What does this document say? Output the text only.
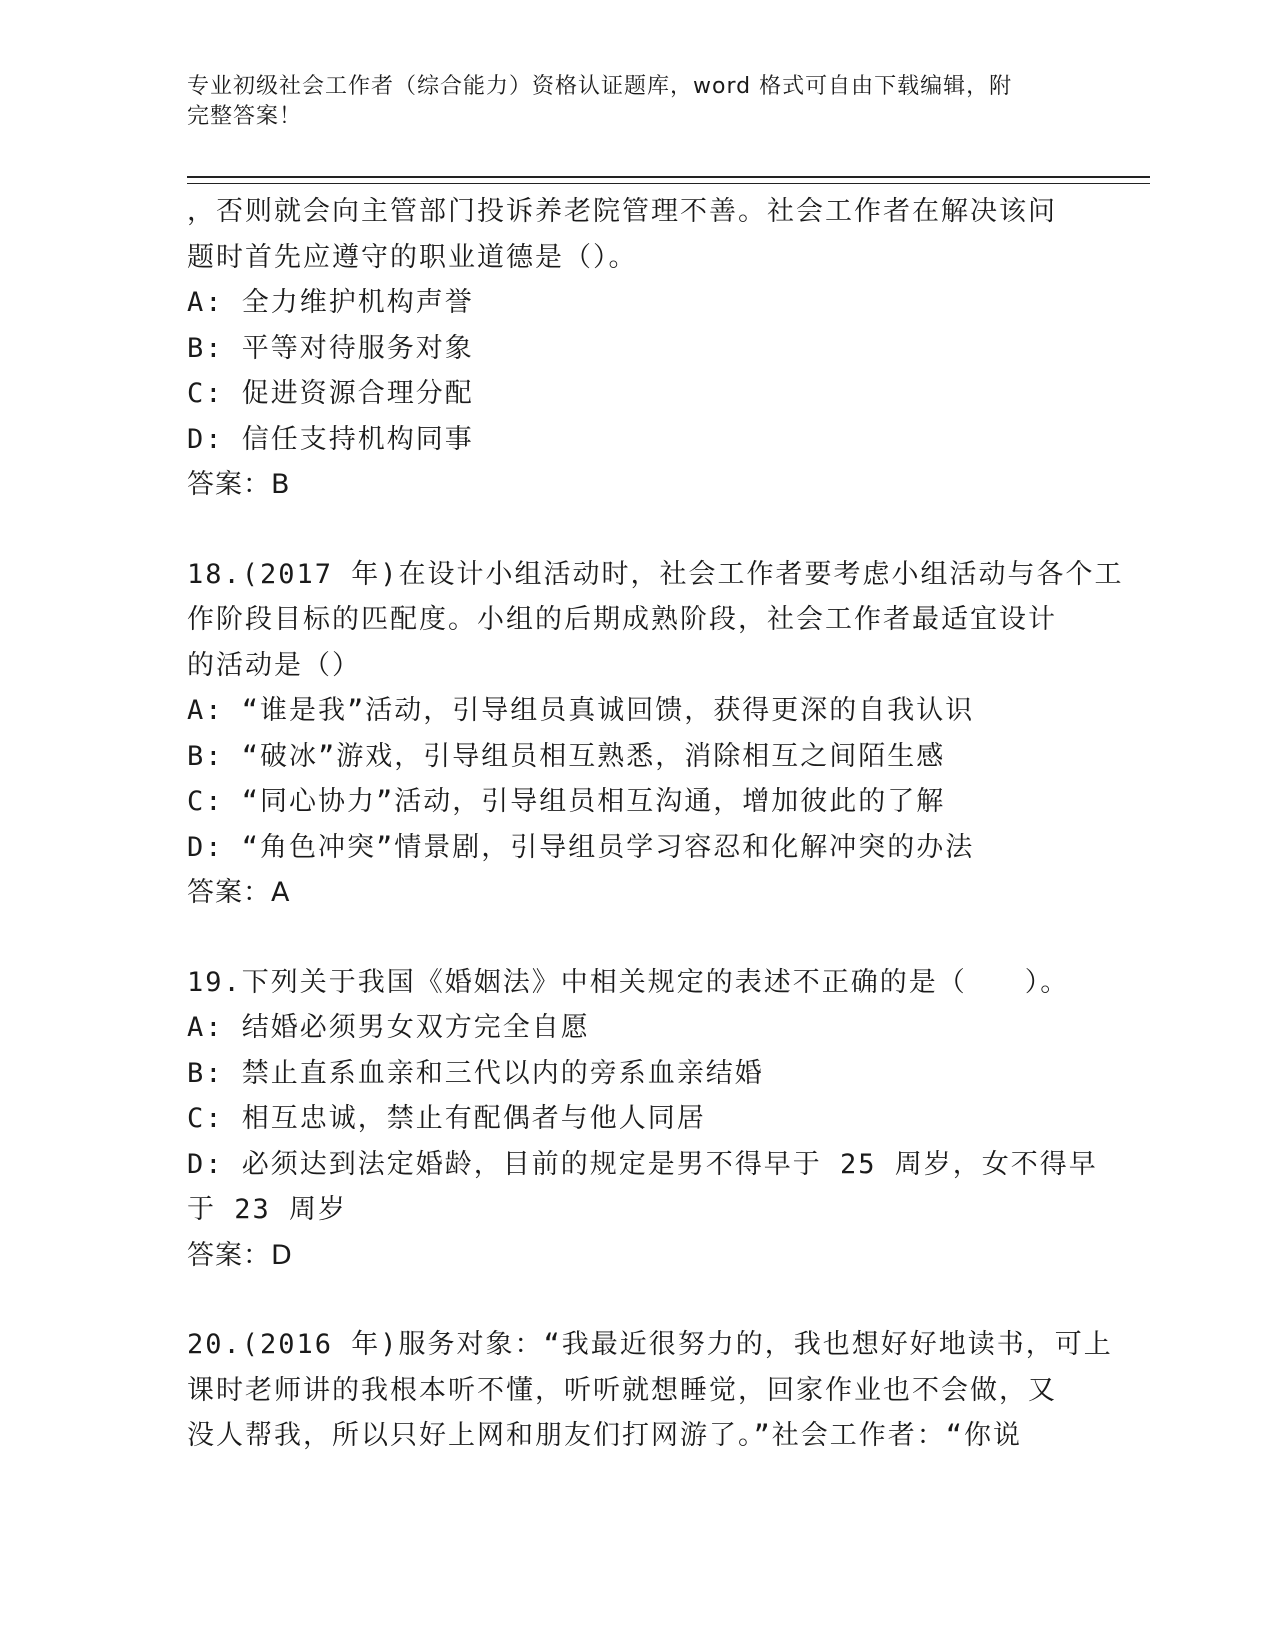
专业初级社会工作者（综合能力）资格认证题库，word 格式可自由下载编辑，附
完整答案！
，否则就会向主管部门投诉养老院管理不善。社会工作者在解决该问
题时首先应遵守的职业道德是（）。
A: 全力维护机构声誉
B: 平等对待服务对象
C: 促进资源合理分配
D: 信任支持机构同事
答案：B
18.(2017 年)在设计小组活动时，社会工作者要考虑小组活动与各个工
作阶段目标的匹配度。小组的后期成熟阶段，社会工作者最适宜设计
的活动是（）
A: “谁是我”活动，引导组员真诚回馈，获得更深的自我认识
B: “破冰”游戏，引导组员相互熟悉，消除相互之间陌生感
C: “同心协力”活动，引导组员相互沟通，增加彼此的了解
D: “角色冲突”情景剧，引导组员学习容忍和化解冲突的办法
答案：A
19.下列关于我国《婚姻法》中相关规定的表述不正确的是（　　）。
A: 结婚必须男女双方完全自愿
B: 禁止直系血亲和三代以内的旁系血亲结婚
C: 相互忠诚，禁止有配偶者与他人同居
D: 必须达到法定婚龄，目前的规定是男不得早于 25 周岁，女不得早
于 23 周岁
答案：D
20.(2016 年)服务对象：“我最近很努力的，我也想好好地读书，可上
课时老师讲的我根本听不懂，听听就想睡觉，回家作业也不会做，又
没人帮我，所以只好上网和朋友们打网游了。”社会工作者：“你说
